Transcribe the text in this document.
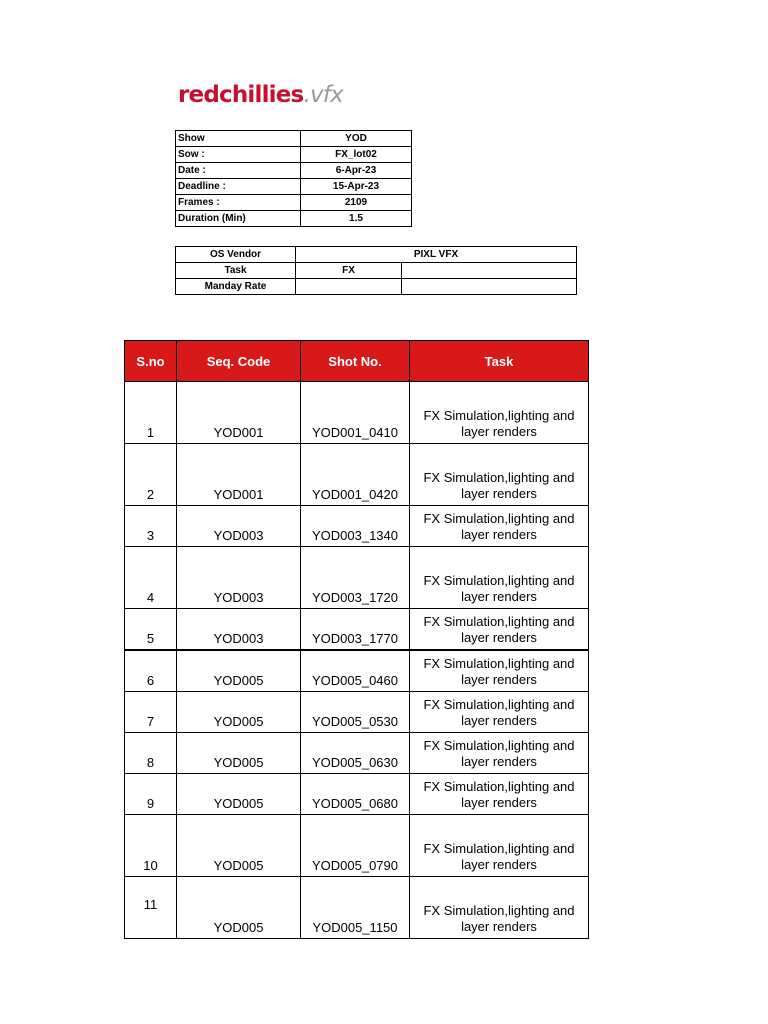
redchillies.vfx
Show	YOD
Sow :	FX_lot02
Date :	6-Apr-23
Deadline :	15-Apr-23
Frames :	2109
Duration (Min)	1.5
OS Vendor	PIXL VFX	
Task	FX	
Manday Rate		
S.no	Seq. Code	Shot No.	Task
1	YOD001	YOD001_0410	FX Simulation,lighting and layer renders
2	YOD001	YOD001_0420	FX Simulation,lighting and layer renders
3	YOD003	YOD003_1340	FX Simulation,lighting and layer renders
4	YOD003	YOD003_1720	FX Simulation,lighting and layer renders
5	YOD003	YOD003_1770	FX Simulation,lighting and layer renders
6	YOD005	YOD005_0460	FX Simulation,lighting and layer renders
7	YOD005	YOD005_0530	FX Simulation,lighting and layer renders
8	YOD005	YOD005_0630	FX Simulation,lighting and layer renders
9	YOD005	YOD005_0680	FX Simulation,lighting and layer renders
10	YOD005	YOD005_0790	FX Simulation,lighting and layer renders
11	YOD005	YOD005_1150	FX Simulation,lighting and layer renders
